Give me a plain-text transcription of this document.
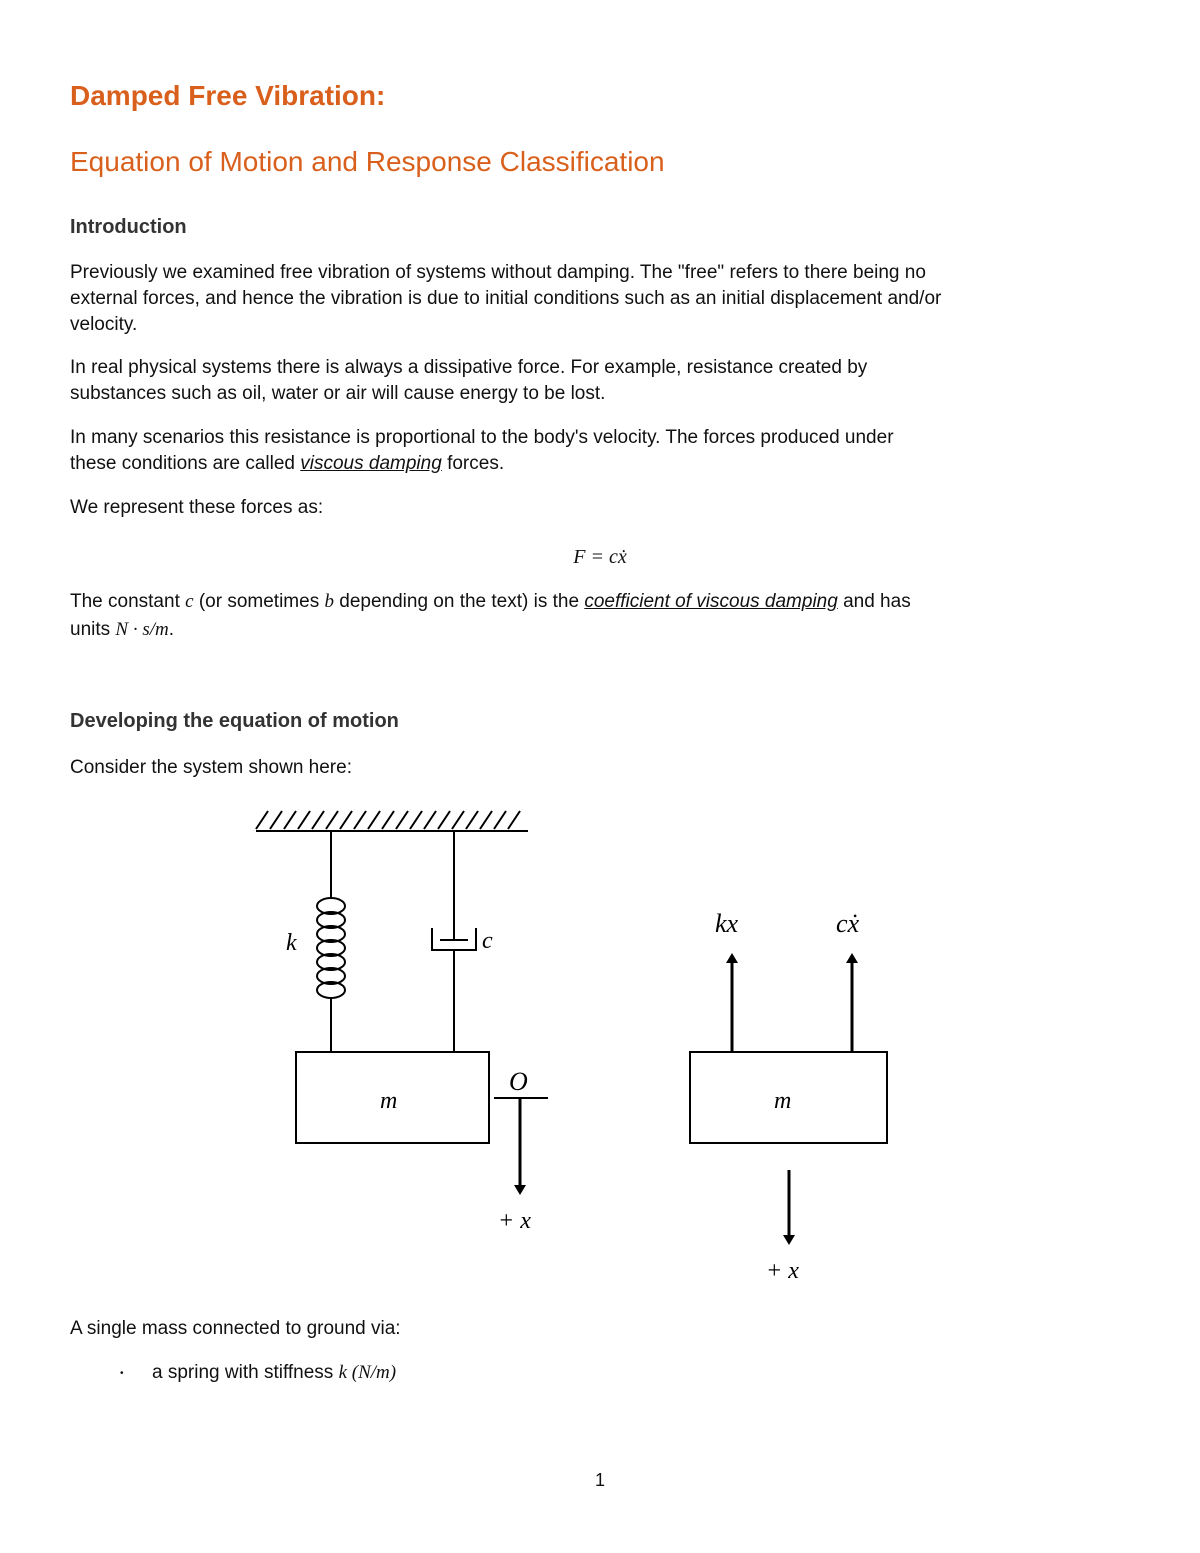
Damped Free Vibration:
Equation of Motion and Response Classification
Introduction

Previously we examined free vibration of systems without damping. The "free" refers to there being no

external forces, and hence the vibration is due to initial conditions such as an initial displacement and/or

velocity.

In real physical systems there is always a dissipative force. For example, resistance created by

substances such as oil, water or air will cause energy to be lost.

In many scenarios this resistance is proportional to the body's velocity. The forces produced under

these conditions are called viscous damping forces.

We represent these forces as:

F = cẋ

The constant c (or sometimes b depending on the text) is the coefficient of viscous damping and has

units N · s/m.

Developing the equation of motion

Consider the system shown here:

k	c
m
O
+ x
kx	cẋ
m
+ x

A single mass connected to ground via:

• a spring with stiffness k (N/m)
1
